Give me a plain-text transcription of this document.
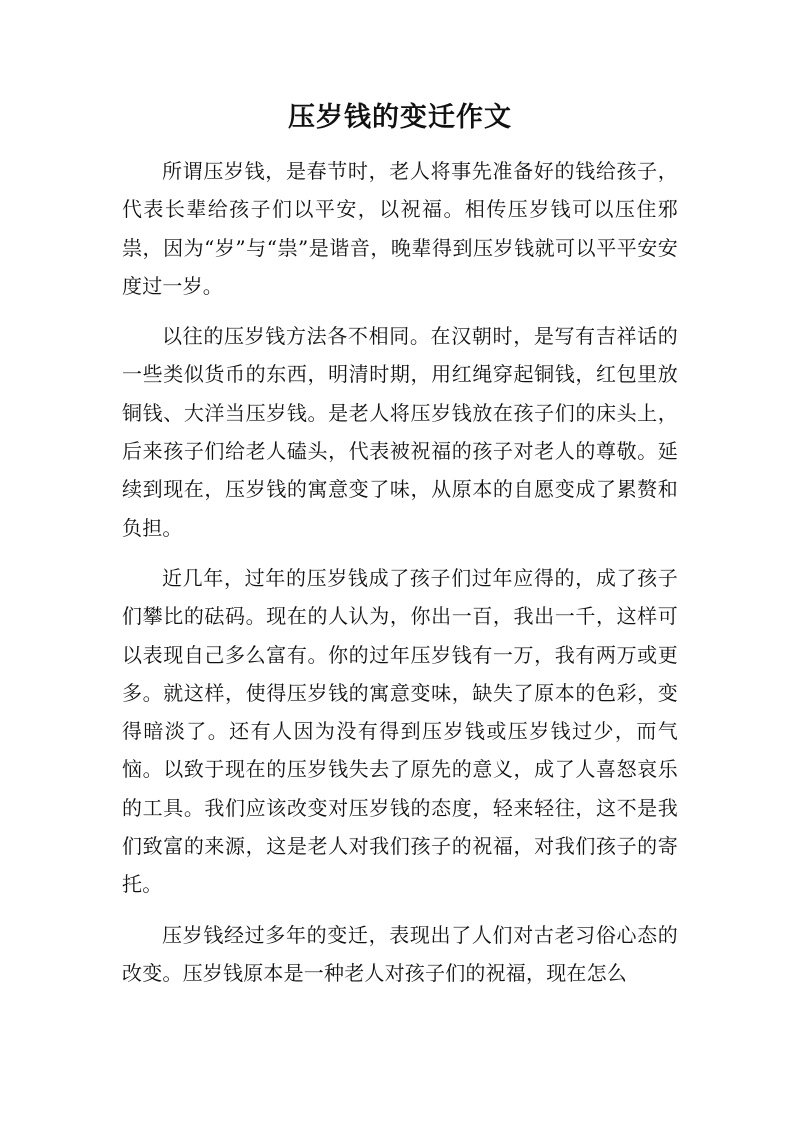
压岁钱的变迁作文

所谓压岁钱，是春节时，老人将事先准备好的钱给孩子，代表长辈给孩子们以平安，以祝福。相传压岁钱可以压住邪祟，因为“岁”与“祟”是谐音，晚辈得到压岁钱就可以平平安安度过一岁。

以往的压岁钱方法各不相同。在汉朝时，是写有吉祥话的一些类似货币的东西，明清时期，用红绳穿起铜钱，红包里放铜钱、大洋当压岁钱。是老人将压岁钱放在孩子们的床头上，后来孩子们给老人磕头，代表被祝福的孩子对老人的尊敬。延续到现在，压岁钱的寓意变了味，从原本的自愿变成了累赘和负担。

近几年，过年的压岁钱成了孩子们过年应得的，成了孩子们攀比的砝码。现在的人认为，你出一百，我出一千，这样可以表现自己多么富有。你的过年压岁钱有一万，我有两万或更多。就这样，使得压岁钱的寓意变味，缺失了原本的色彩，变得暗淡了。还有人因为没有得到压岁钱或压岁钱过少，而气恼。以致于现在的压岁钱失去了原先的意义，成了人喜怒哀乐的工具。我们应该改变对压岁钱的态度，轻来轻往，这不是我们致富的来源，这是老人对我们孩子的祝福，对我们孩子的寄托。

压岁钱经过多年的变迁，表现出了人们对古老习俗心态的改变。压岁钱原本是一种老人对孩子们的祝福，现在怎么
